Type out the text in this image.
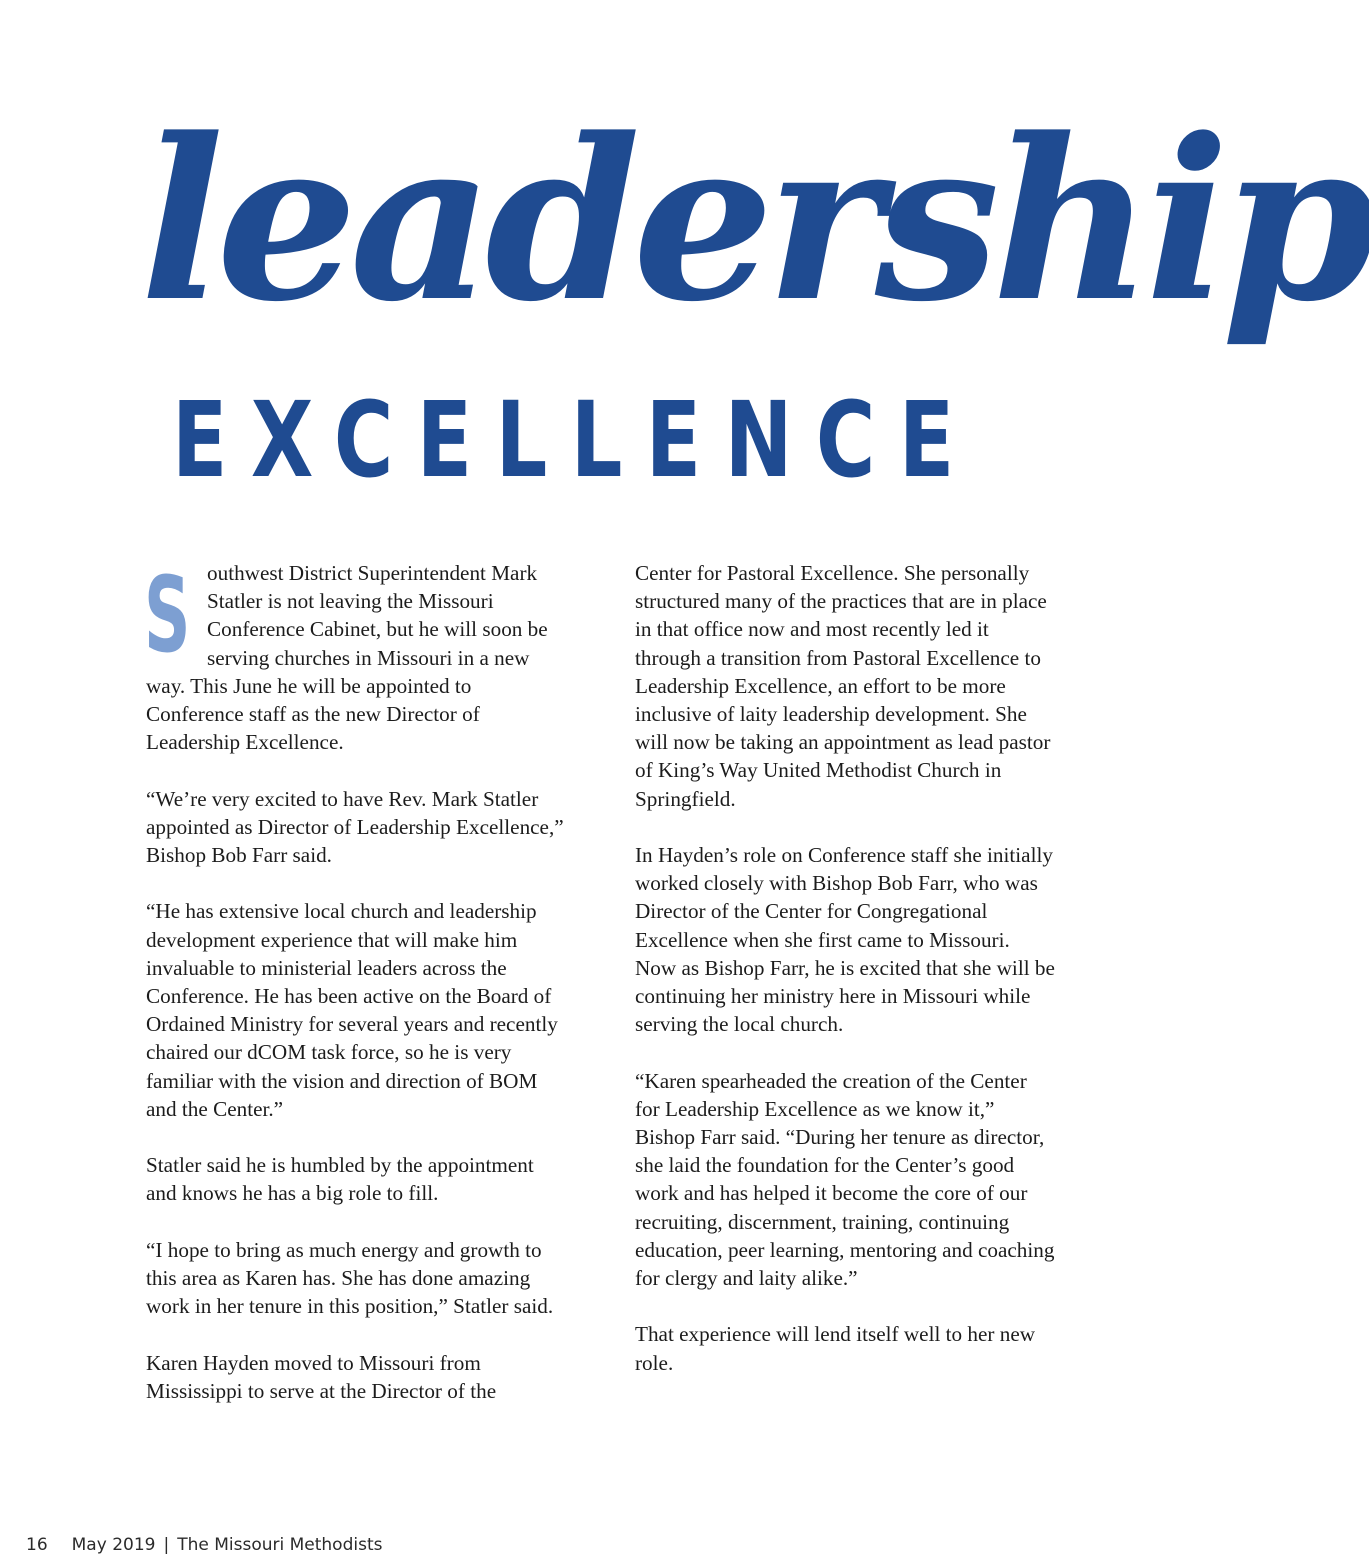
leadership
EXCELLENCE

Southwest District Superintendent Mark Statler is not leaving the Missouri Conference Cabinet, but he will soon be serving churches in Missouri in a new way. This June he will be appointed to Conference staff as the new Director of Leadership Excellence.

“We’re very excited to have Rev. Mark Statler appointed as Director of Leadership Excellence,” Bishop Bob Farr said.

“He has extensive local church and leadership development experience that will make him invaluable to ministerial leaders across the Conference. He has been active on the Board of Ordained Ministry for several years and recently chaired our dCOM task force, so he is very familiar with the vision and direction of BOM and the Center.”

Statler said he is humbled by the appointment and knows he has a big role to fill.

“I hope to bring as much energy and growth to this area as Karen has. She has done amazing work in her tenure in this position,” Statler said.

Karen Hayden moved to Missouri from Mississippi to serve at the Director of the

Center for Pastoral Excellence. She personally structured many of the practices that are in place in that office now and most recently led it through a transition from Pastoral Excellence to Leadership Excellence, an effort to be more inclusive of laity leadership development. She will now be taking an appointment as lead pastor of King’s Way United Methodist Church in Springfield.

In Hayden’s role on Conference staff she initially worked closely with Bishop Bob Farr, who was Director of the Center for Congregational Excellence when she first came to Missouri. Now as Bishop Farr, he is excited that she will be continuing her ministry here in Missouri while serving the local church.

“Karen spearheaded the creation of the Center for Leadership Excellence as we know it,” Bishop Farr said. “During her tenure as director, she laid the foundation for the Center’s good work and has helped it become the core of our recruiting, discernment, training, continuing education, peer learning, mentoring and coaching for clergy and laity alike.”

That experience will lend itself well to her new role.

16 May 2019 | The Missouri Methodists
